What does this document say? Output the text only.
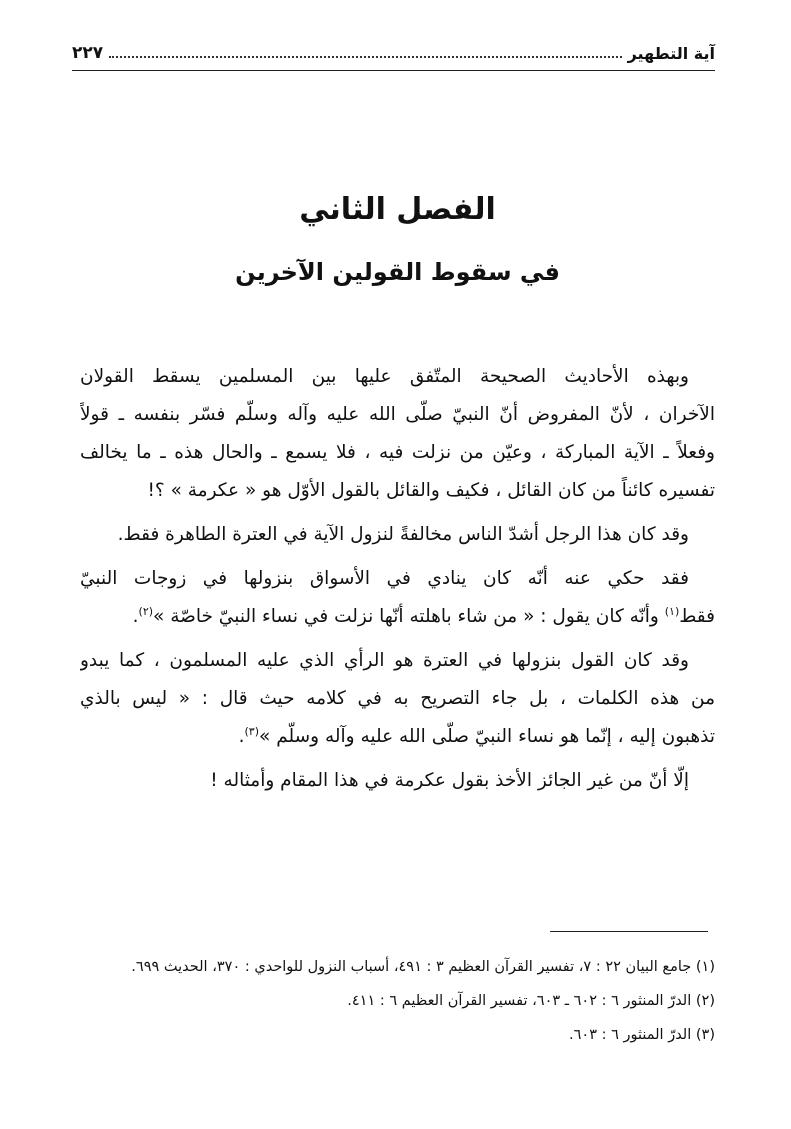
آية التطهير
٢٢٧
الفصل الثاني
في سقوط القولين الآخرين
وبهذه الأحاديث الصحيحة المتّفق عليها بين المسلمين يسقط القولان
الآخران ، لأنّ المفروض أنّ النبيّ صلّى الله عليه وآله وسلّم فسّر بنفسه ـ قولاً
وفعلاً ـ الآية المباركة ، وعيّن من نزلت فيه ، فلا يسمع ـ والحال هذه ـ ما يخالف
تفسيره كائناً من كان القائل ، فكيف والقائل بالقول الأوّل هو « عكرمة » ؟!
وقد كان هذا الرجل أشدّ الناس مخالفةً لنزول الآية في العترة الطاهرة فقط.
فقد حكي عنه أنّه كان ينادي في الأسواق بنزولها في زوجات النبيّ
فقط$^{(١)}$ وأنّه كان يقول : « من شاء باهلته أنّها نزلت في نساء النبيّ خاصّة »$^{(٢)}$.
وقد كان القول بنزولها في العترة هو الرأي الذي عليه المسلمون ، كما يبدو
من هذه الكلمات ، بل جاء التصريح به في كلامه حيث قال : « ليس بالذي
تذهبون إليه ، إنّما هو نساء النبيّ صلّى الله عليه وآله وسلّم »$^{(٣)}$.
إلّا أنّ من غير الجائز الأخذ بقول عكرمة في هذا المقام وأمثاله !
(١) جامع البيان ٢٢ : ٧، تفسير القرآن العظيم ٣ : ٤٩١، أسباب النزول للواحدي : ٣٧٠، الحديث ٦٩٩.
(٢) الدرّ المنثور ٦ : ٦٠٢ ـ ٦٠٣، تفسير القرآن العظيم ٦ : ٤١١.
(٣) الدرّ المنثور ٦ : ٦٠٣.
